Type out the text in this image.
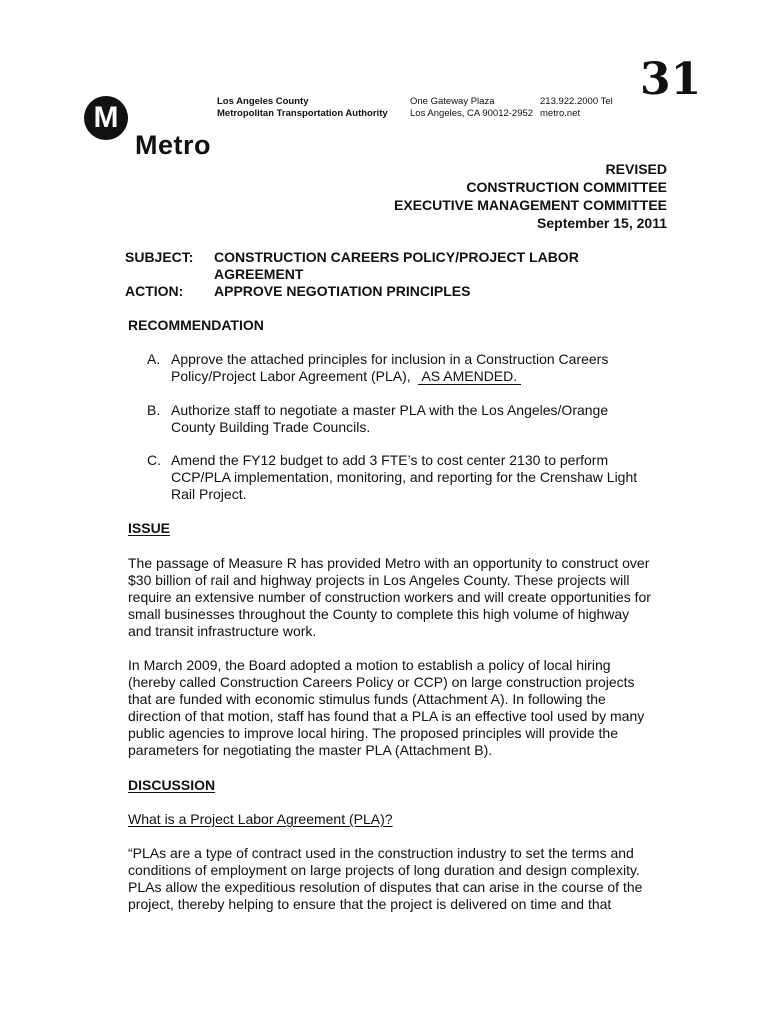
M
Metro
Los Angeles County
Metropolitan Transportation Authority
One Gateway Plaza
Los Angeles, CA 90012-2952
213.922.2000 Tel
metro.net
31
REVISED
CONSTRUCTION COMMITTEE
EXECUTIVE MANAGEMENT COMMITTEE
September 15, 2011
SUBJECT: CONSTRUCTION CAREERS POLICY/PROJECT LABOR
AGREEMENT
ACTION: APPROVE NEGOTIATION PRINCIPLES
RECOMMENDATION
A. Approve the attached principles for inclusion in a Construction Careers
Policy/Project Labor Agreement (PLA), AS AMENDED.
B. Authorize staff to negotiate a master PLA with the Los Angeles/Orange
County Building Trade Councils.
C. Amend the FY12 budget to add 3 FTE’s to cost center 2130 to perform
CCP/PLA implementation, monitoring, and reporting for the Crenshaw Light
Rail Project.
ISSUE
The passage of Measure R has provided Metro with an opportunity to construct over
$30 billion of rail and highway projects in Los Angeles County. These projects will
require an extensive number of construction workers and will create opportunities for
small businesses throughout the County to complete this high volume of highway
and transit infrastructure work.
In March 2009, the Board adopted a motion to establish a policy of local hiring
(hereby called Construction Careers Policy or CCP) on large construction projects
that are funded with economic stimulus funds (Attachment A). In following the
direction of that motion, staff has found that a PLA is an effective tool used by many
public agencies to improve local hiring. The proposed principles will provide the
parameters for negotiating the master PLA (Attachment B).
DISCUSSION
What is a Project Labor Agreement (PLA)?
“PLAs are a type of contract used in the construction industry to set the terms and
conditions of employment on large projects of long duration and design complexity.
PLAs allow the expeditious resolution of disputes that can arise in the course of the
project, thereby helping to ensure that the project is delivered on time and that
